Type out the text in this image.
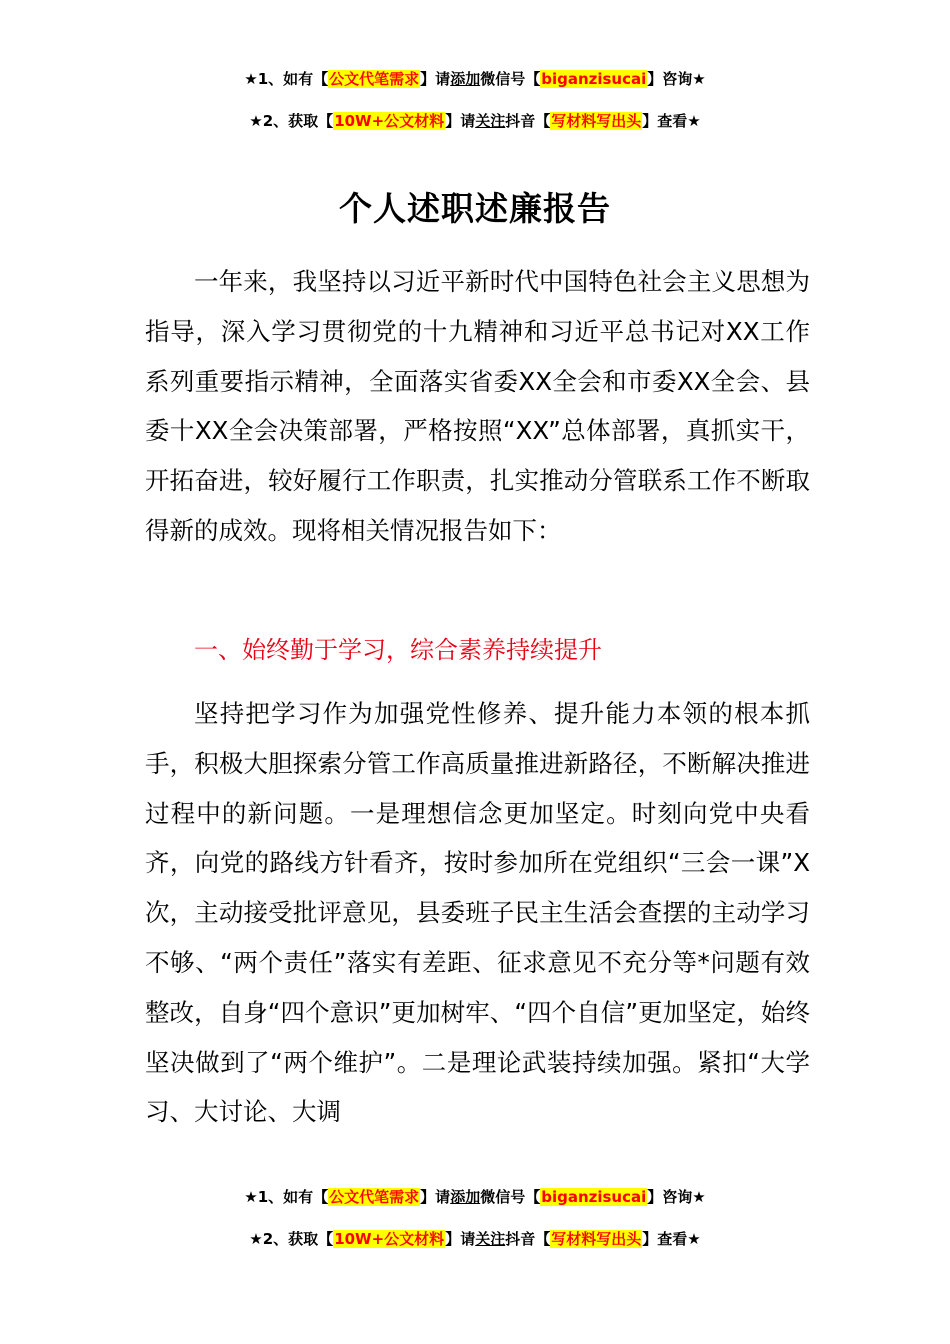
★1、如有【公文代笔需求】请添加微信号【biganzisucai】咨询★
★2、获取【10W+公文材料】请关注抖音【写材料写出头】查看★
个人述职述廉报告

一年来，我坚持以习近平新时代中国特色社会主义思想为指导，深入学习贯彻党的十九精神和习近平总书记对XX工作系列重要指示精神，全面落实省委XX全会和市委XX全会、县委十XX全会决策部署，严格按照“XX”总体部署，真抓实干，开拓奋进，较好履行工作职责，扎实推动分管联系工作不断取得新的成效。现将相关情况报告如下：

一、始终勤于学习，综合素养持续提升

坚持把学习作为加强党性修养、提升能力本领的根本抓手，积极大胆探索分管工作高质量推进新路径，不断解决推进过程中的新问题。一是理想信念更加坚定。时刻向党中央看齐，向党的路线方针看齐，按时参加所在党组织“三会一课”X次，主动接受批评意见，县委班子民主生活会查摆的主动学习不够、“两个责任”落实有差距、征求意见不充分等*问题有效整改，自身“四个意识”更加树牢、“四个自信”更加坚定，始终坚决做到了“两个维护”。二是理论武装持续加强。紧扣“大学习、大讨论、大调

★1、如有【公文代笔需求】请添加微信号【biganzisucai】咨询★
★2、获取【10W+公文材料】请关注抖音【写材料写出头】查看★
